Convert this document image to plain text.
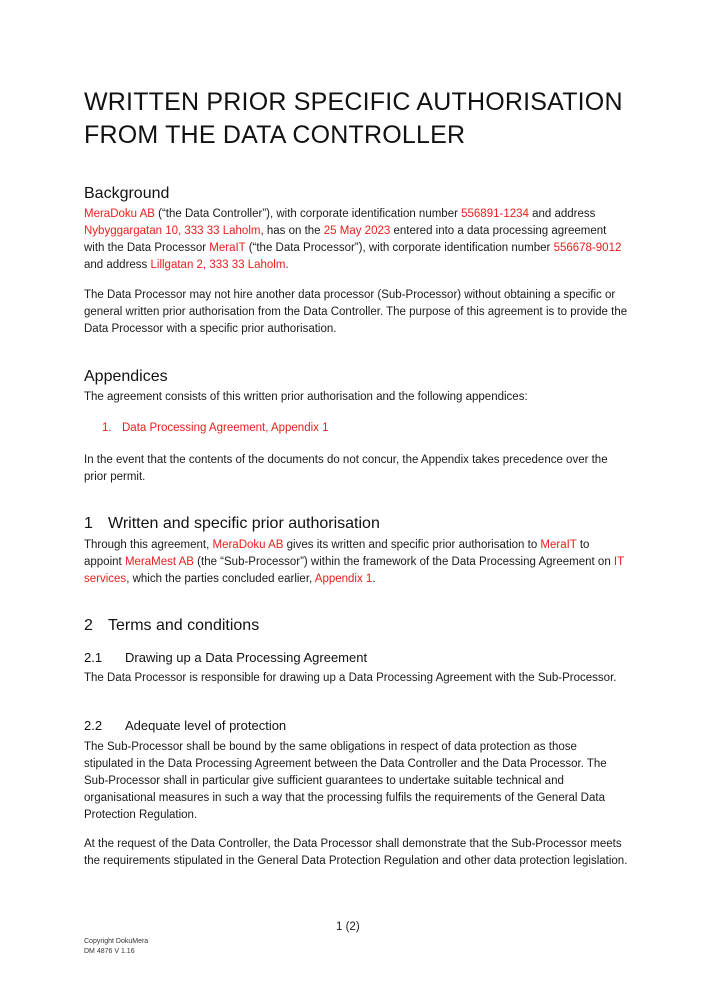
WRITTEN PRIOR SPECIFIC AUTHORISATION FROM THE DATA CONTROLLER
Background

MeraDoku AB (“the Data Controller”), with corporate identification number 556891-1234 and address Nybyggargatan 10, 333 33 Laholm, has on the 25 May 2023 entered into a data processing agreement with the Data Processor MeraIT (“the Data Processor”), with corporate identification number 556678-9012 and address Lillgatan 2, 333 33 Laholm.

The Data Processor may not hire another data processor (Sub-Processor) without obtaining a specific or general written prior authorisation from the Data Controller. The purpose of this agreement is to provide the Data Processor with a specific prior authorisation.

Appendices

The agreement consists of this written prior authorisation and the following appendices:

1. Data Processing Agreement, Appendix 1

In the event that the contents of the documents do not concur, the Appendix takes precedence over the prior permit.

1 Written and specific prior authorisation

Through this agreement, MeraDoku AB gives its written and specific prior authorisation to MeraIT to appoint MeraMest AB (the “Sub-Processor”) within the framework of the Data Processing Agreement on IT services, which the parties concluded earlier, Appendix 1.

2 Terms and conditions
2.1 Drawing up a Data Processing Agreement

The Data Processor is responsible for drawing up a Data Processing Agreement with the Sub-Processor.

2.2 Adequate level of protection

The Sub-Processor shall be bound by the same obligations in respect of data protection as those stipulated in the Data Processing Agreement between the Data Controller and the Data Processor. The Sub-Processor shall in particular give sufficient guarantees to undertake suitable technical and organisational measures in such a way that the processing fulfils the requirements of the General Data Protection Regulation.

At the request of the Data Controller, the Data Processor shall demonstrate that the Sub-Processor meets the requirements stipulated in the General Data Protection Regulation and other data protection legislation.

1 (2)
Copyright DokuMera
DM 4876 V 1.16
